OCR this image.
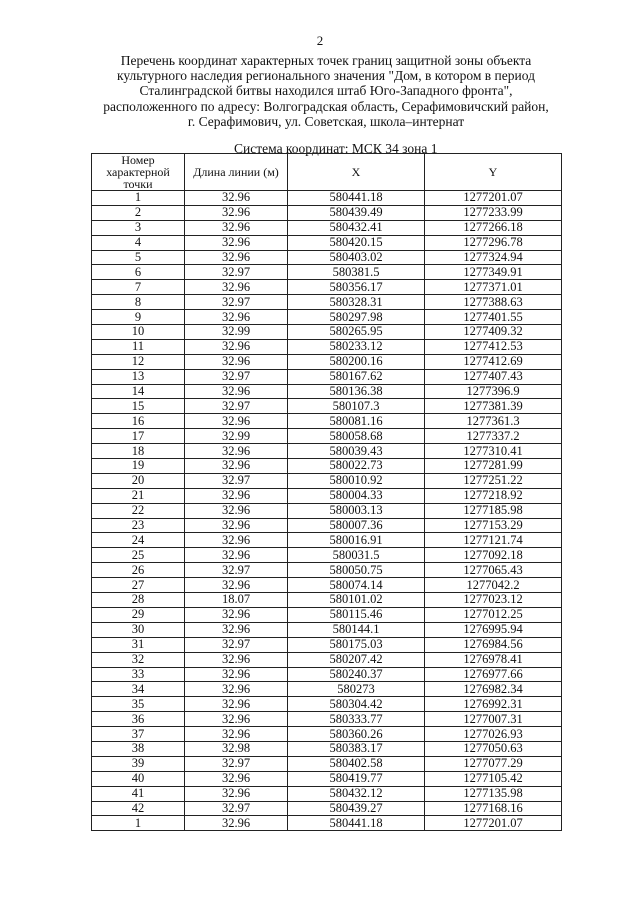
2
Перечень координат характерных точек границ защитной зоны объекта
культурного наследия регионального значения "Дом, в котором в период
Сталинградской битвы находился штаб Юго-Западного фронта",
расположенного по адресу: Волгоградская область, Серафимовичский район,
г. Серафимович, ул. Советская, школа–интернат
Система координат: МСК 34 зона 1
Номер характерной точки	Длина линии (м)	X	Y
1	32.96	580441.18	1277201.07
2	32.96	580439.49	1277233.99
3	32.96	580432.41	1277266.18
4	32.96	580420.15	1277296.78
5	32.96	580403.02	1277324.94
6	32.97	580381.5	1277349.91
7	32.96	580356.17	1277371.01
8	32.97	580328.31	1277388.63
9	32.96	580297.98	1277401.55
10	32.99	580265.95	1277409.32
11	32.96	580233.12	1277412.53
12	32.96	580200.16	1277412.69
13	32.97	580167.62	1277407.43
14	32.96	580136.38	1277396.9
15	32.97	580107.3	1277381.39
16	32.96	580081.16	1277361.3
17	32.99	580058.68	1277337.2
18	32.96	580039.43	1277310.41
19	32.96	580022.73	1277281.99
20	32.97	580010.92	1277251.22
21	32.96	580004.33	1277218.92
22	32.96	580003.13	1277185.98
23	32.96	580007.36	1277153.29
24	32.96	580016.91	1277121.74
25	32.96	580031.5	1277092.18
26	32.97	580050.75	1277065.43
27	32.96	580074.14	1277042.2
28	18.07	580101.02	1277023.12
29	32.96	580115.46	1277012.25
30	32.96	580144.1	1276995.94
31	32.97	580175.03	1276984.56
32	32.96	580207.42	1276978.41
33	32.96	580240.37	1276977.66
34	32.96	580273	1276982.34
35	32.96	580304.42	1276992.31
36	32.96	580333.77	1277007.31
37	32.96	580360.26	1277026.93
38	32.98	580383.17	1277050.63
39	32.97	580402.58	1277077.29
40	32.96	580419.77	1277105.42
41	32.96	580432.12	1277135.98
42	32.97	580439.27	1277168.16
1	32.96	580441.18	1277201.07
